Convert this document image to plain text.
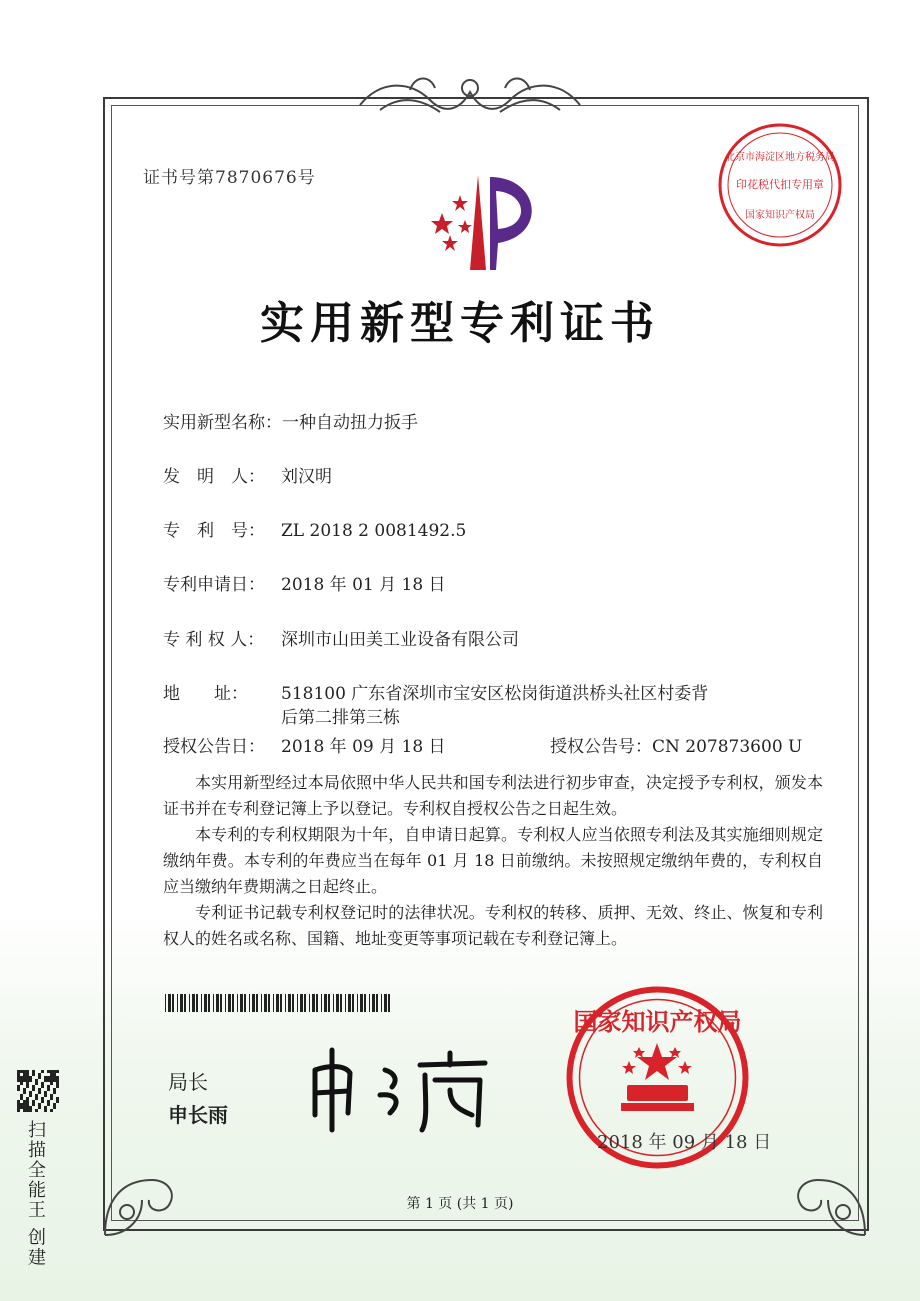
证书号第7870676号
北京市海淀区地方税务局
印花税代扣专用章
国家知识产权局
实用新型专利证书
实用新型名称：一种自动扭力扳手
发　明　人： 刘汉明
专　利　号： ZL 2018 2 0081492.5
专利申请日： 2018 年 01 月 18 日
专 利 权 人： 深圳市山田美工业设备有限公司
地　　址： 518100 广东省深圳市宝安区松岗街道洪桥头社区村委背
后第二排第三栋
授权公告日： 2018 年 09 月 18 日	授权公告号：CN 207873600 U
本实用新型经过本局依照中华人民共和国专利法进行初步审查，决定授予专利权，颁发本证书并在专利登记簿上予以登记。专利权自授权公告之日起生效。
本专利的专利权期限为十年，自申请日起算。专利权人应当依照专利法及其实施细则规定缴纳年费。本专利的年费应当在每年 01 月 18 日前缴纳。未按照规定缴纳年费的，专利权自应当缴纳年费期满之日起终止。
专利证书记载专利权登记时的法律状况。专利权的转移、质押、无效、终止、恢复和专利权人的姓名或名称、国籍、地址变更等事项记载在专利登记簿上。
局长
申长雨
国家知识产权局
2018 年 09 月 18 日
第 1 页 (共 1 页)
扫描全能王 创建
